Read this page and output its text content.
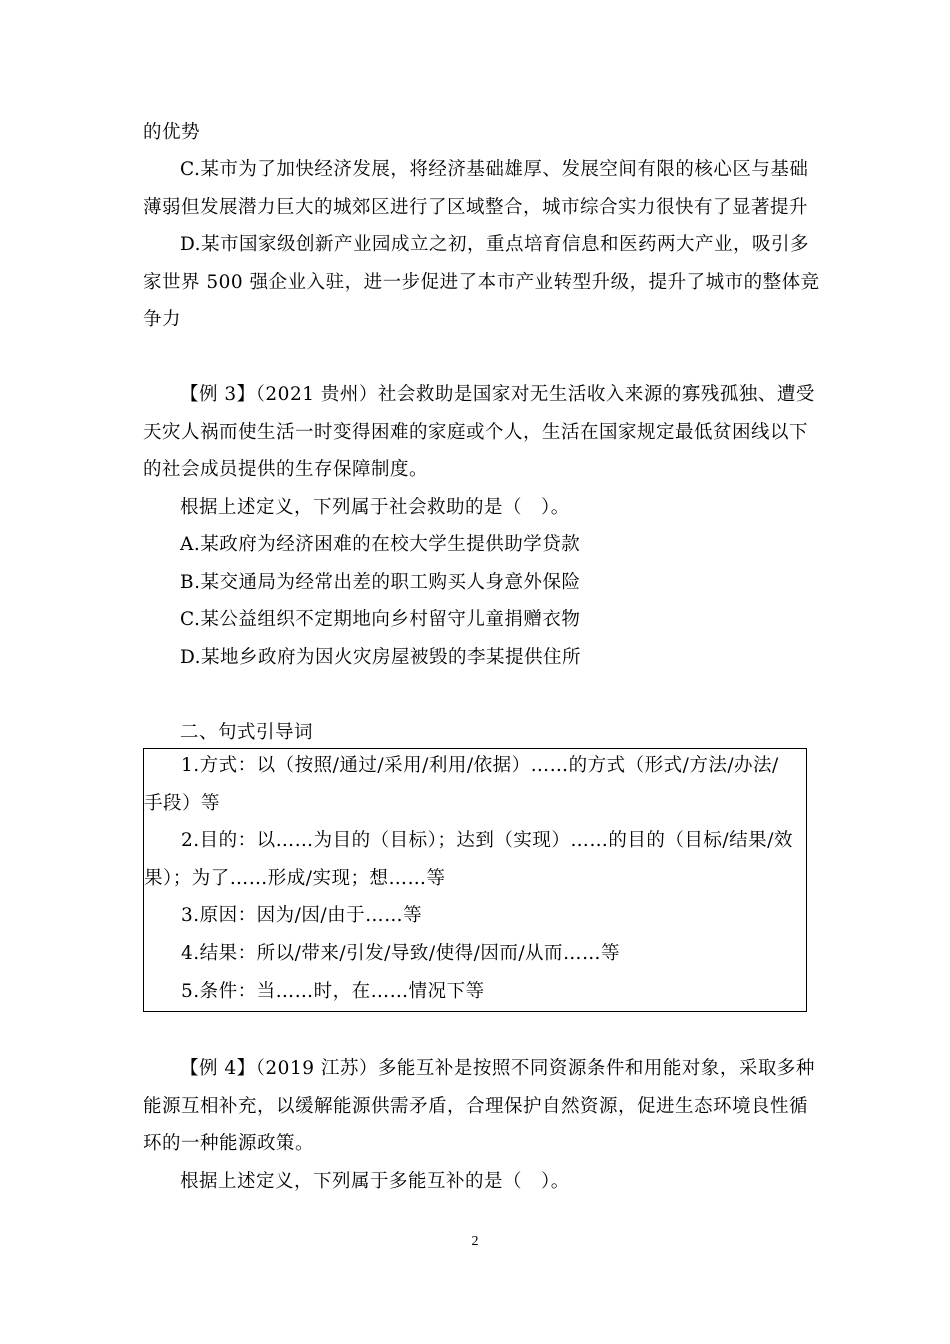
的优势
C.某市为了加快经济发展，将经济基础雄厚、发展空间有限的核心区与基础
薄弱但发展潜力巨大的城郊区进行了区域整合，城市综合实力很快有了显著提升
D.某市国家级创新产业园成立之初，重点培育信息和医药两大产业，吸引多
家世界 500 强企业入驻，进一步促进了本市产业转型升级，提升了城市的整体竞
争力
【例 3】（2021 贵州）社会救助是国家对无生活收入来源的寡残孤独、遭受
天灾人祸而使生活一时变得困难的家庭或个人，生活在国家规定最低贫困线以下
的社会成员提供的生存保障制度。
根据上述定义，下列属于社会救助的是（　）。
A.某政府为经济困难的在校大学生提供助学贷款
B.某交通局为经常出差的职工购买人身意外保险
C.某公益组织不定期地向乡村留守儿童捐赠衣物
D.某地乡政府为因火灾房屋被毁的李某提供住所
二、句式引导词
1.方式：以（按照/通过/采用/利用/依据）……的方式（形式/方法/办法/
手段）等
2.目的：以……为目的（目标）；达到（实现）……的目的（目标/结果/效
果）；为了……形成/实现；想……等
3.原因：因为/因/由于……等
4.结果：所以/带来/引发/导致/使得/因而/从而……等
5.条件：当……时，在……情况下等
【例 4】（2019 江苏）多能互补是按照不同资源条件和用能对象，采取多种
能源互相补充，以缓解能源供需矛盾，合理保护自然资源，促进生态环境良性循
环的一种能源政策。
根据上述定义，下列属于多能互补的是（　）。
2
